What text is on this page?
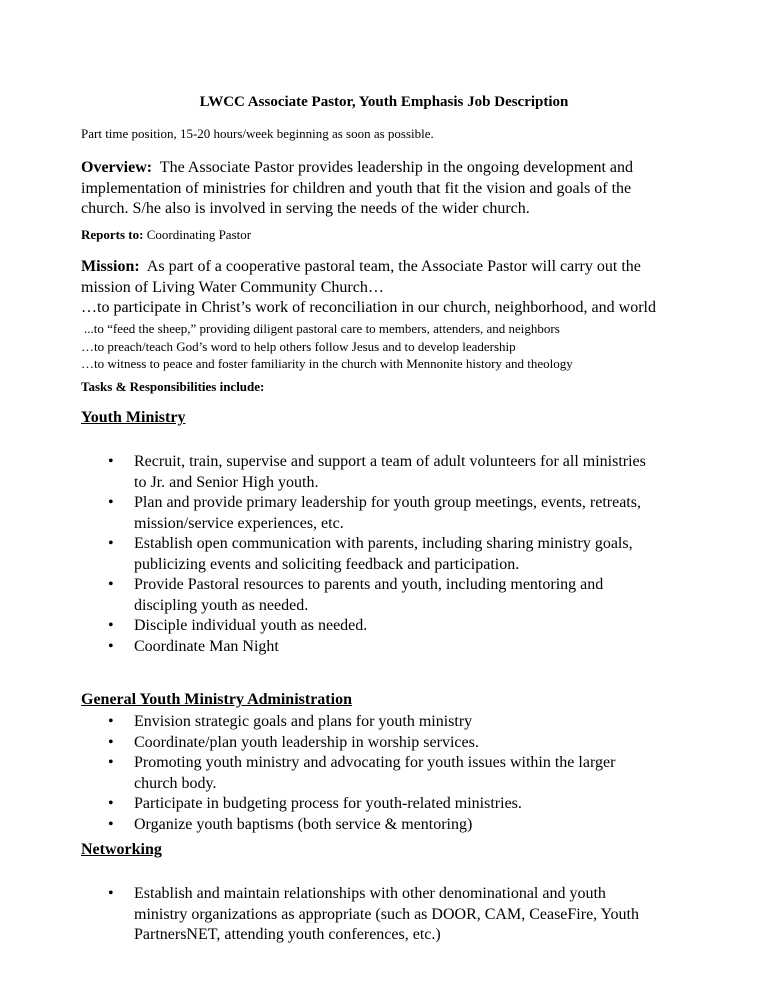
LWCC Associate Pastor, Youth Emphasis Job Description
Part time position, 15-20 hours/week beginning as soon as possible.
Overview: The Associate Pastor provides leadership in the ongoing development and
implementation of ministries for children and youth that fit the vision and goals of the
church. S/he also is involved in serving the needs of the wider church.
Reports to: Coordinating Pastor
Mission: As part of a cooperative pastoral team, the Associate Pastor will carry out the
mission of Living Water Community Church…
…to participate in Christ’s work of reconciliation in our church, neighborhood, and world
...to “feed the sheep,” providing diligent pastoral care to members, attenders, and neighbors
…to preach/teach God’s word to help others follow Jesus and to develop leadership
…to witness to peace and foster familiarity in the church with Mennonite history and theology
Tasks & Responsibilities include:
Youth Ministry
• Recruit, train, supervise and support a team of adult volunteers for all ministries
to Jr. and Senior High youth.
• Plan and provide primary leadership for youth group meetings, events, retreats,
mission/service experiences, etc.
• Establish open communication with parents, including sharing ministry goals,
publicizing events and soliciting feedback and participation.
• Provide Pastoral resources to parents and youth, including mentoring and
discipling youth as needed.
• Disciple individual youth as needed.
• Coordinate Man Night
General Youth Ministry Administration
• Envision strategic goals and plans for youth ministry
• Coordinate/plan youth leadership in worship services.
• Promoting youth ministry and advocating for youth issues within the larger
church body.
• Participate in budgeting process for youth-related ministries.
• Organize youth baptisms (both service & mentoring)
Networking
• Establish and maintain relationships with other denominational and youth
ministry organizations as appropriate (such as DOOR, CAM, CeaseFire, Youth
PartnersNET, attending youth conferences, etc.)
